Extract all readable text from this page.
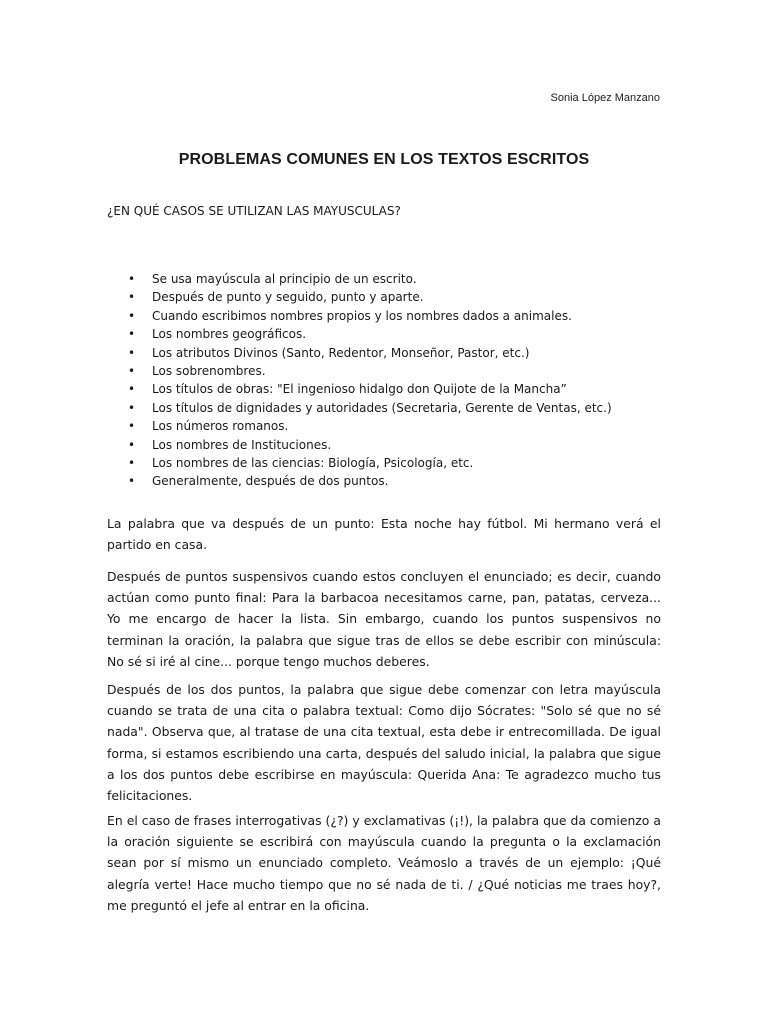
Sonia López Manzano
PROBLEMAS COMUNES EN LOS TEXTOS ESCRITOS
¿EN QUÉ CASOS SE UTILIZAN LAS MAYUSCULAS?
• Se usa mayúscula al principio de un escrito.
• Después de punto y seguido, punto y aparte.
• Cuando escribimos nombres propios y los nombres dados a animales.
• Los nombres geográficos.
• Los atributos Divinos (Santo, Redentor, Monseñor, Pastor, etc.)
• Los sobrenombres.
• Los títulos de obras: "El ingenioso hidalgo don Quijote de la Mancha”
• Los títulos de dignidades y autoridades (Secretaria, Gerente de Ventas, etc.)
• Los números romanos.
• Los nombres de Instituciones.
• Los nombres de las ciencias: Biología, Psicología, etc.
• Generalmente, después de dos puntos.

La palabra que va después de un punto: Esta noche hay fútbol. Mi hermano verá el partido en casa.

Después de puntos suspensivos cuando estos concluyen el enunciado; es decir, cuando actúan como punto final: Para la barbacoa necesitamos carne, pan, patatas, cerveza... Yo me encargo de hacer la lista. Sin embargo, cuando los puntos suspensivos no terminan la oración, la palabra que sigue tras de ellos se debe escribir con minúscula: No sé si iré al cine... porque tengo muchos deberes.

Después de los dos puntos, la palabra que sigue debe comenzar con letra mayúscula cuando se trata de una cita o palabra textual: Como dijo Sócrates: "Solo sé que no sé nada". Observa que, al tratase de una cita textual, esta debe ir entrecomillada. De igual forma, si estamos escribiendo una carta, después del saludo inicial, la palabra que sigue a los dos puntos debe escribirse en mayúscula: Querida Ana: Te agradezco mucho tus felicitaciones.

En el caso de frases interrogativas (¿?) y exclamativas (¡!), la palabra que da comienzo a la oración siguiente se escribirá con mayúscula cuando la pregunta o la exclamación sean por sí mismo un enunciado completo. Veámoslo a través de un ejemplo: ¡Qué alegría verte! Hace mucho tiempo que no sé nada de ti. / ¿Qué noticias me traes hoy?, me preguntó el jefe al entrar en la oficina.
